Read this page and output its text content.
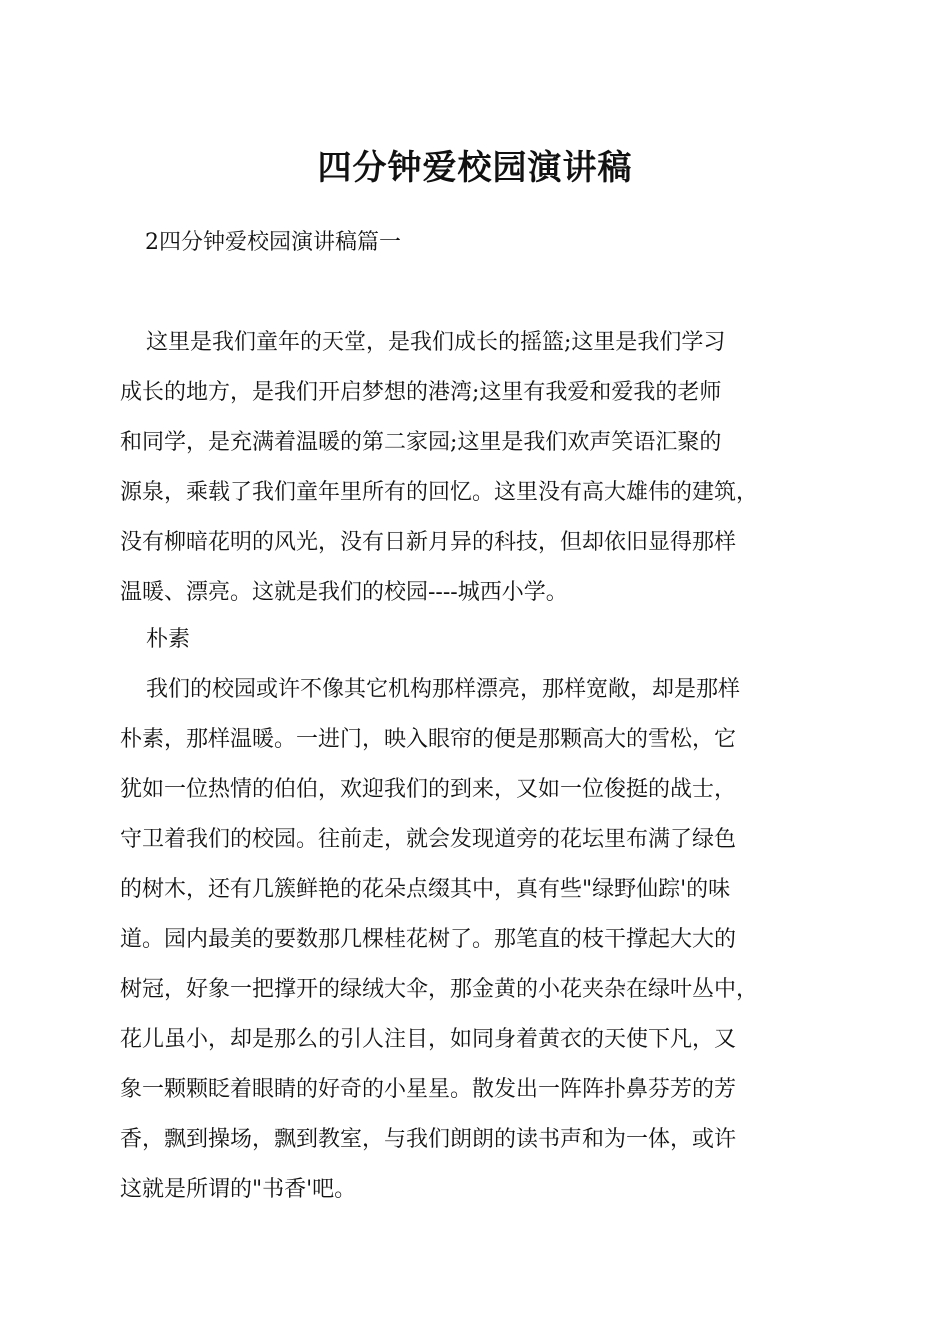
四分钟爱校园演讲稿
2四分钟爱校园演讲稿篇一
这里是我们童年的天堂，是我们成长的摇篮;这里是我们学习
成长的地方，是我们开启梦想的港湾;这里有我爱和爱我的老师
和同学，是充满着温暖的第二家园;这里是我们欢声笑语汇聚的
源泉，乘载了我们童年里所有的回忆。这里没有高大雄伟的建筑，
没有柳暗花明的风光，没有日新月异的科技，但却依旧显得那样
温暖、漂亮。这就是我们的校园----城西小学。
朴素
我们的校园或许不像其它机构那样漂亮，那样宽敞，却是那样
朴素，那样温暖。一进门，映入眼帘的便是那颗高大的雪松，它
犹如一位热情的伯伯，欢迎我们的到来，又如一位俊挺的战士，
守卫着我们的校园。往前走，就会发现道旁的花坛里布满了绿色
的树木，还有几簇鲜艳的花朵点缀其中，真有些"绿野仙踪'的味
道。园内最美的要数那几棵桂花树了。那笔直的枝干撑起大大的
树冠，好象一把撑开的绿绒大伞，那金黄的小花夹杂在绿叶丛中，
花儿虽小，却是那么的引人注目，如同身着黄衣的天使下凡，又
象一颗颗眨着眼睛的好奇的小星星。散发出一阵阵扑鼻芬芳的芳
香，飘到操场，飘到教室，与我们朗朗的读书声和为一体，或许
这就是所谓的"书香'吧。
